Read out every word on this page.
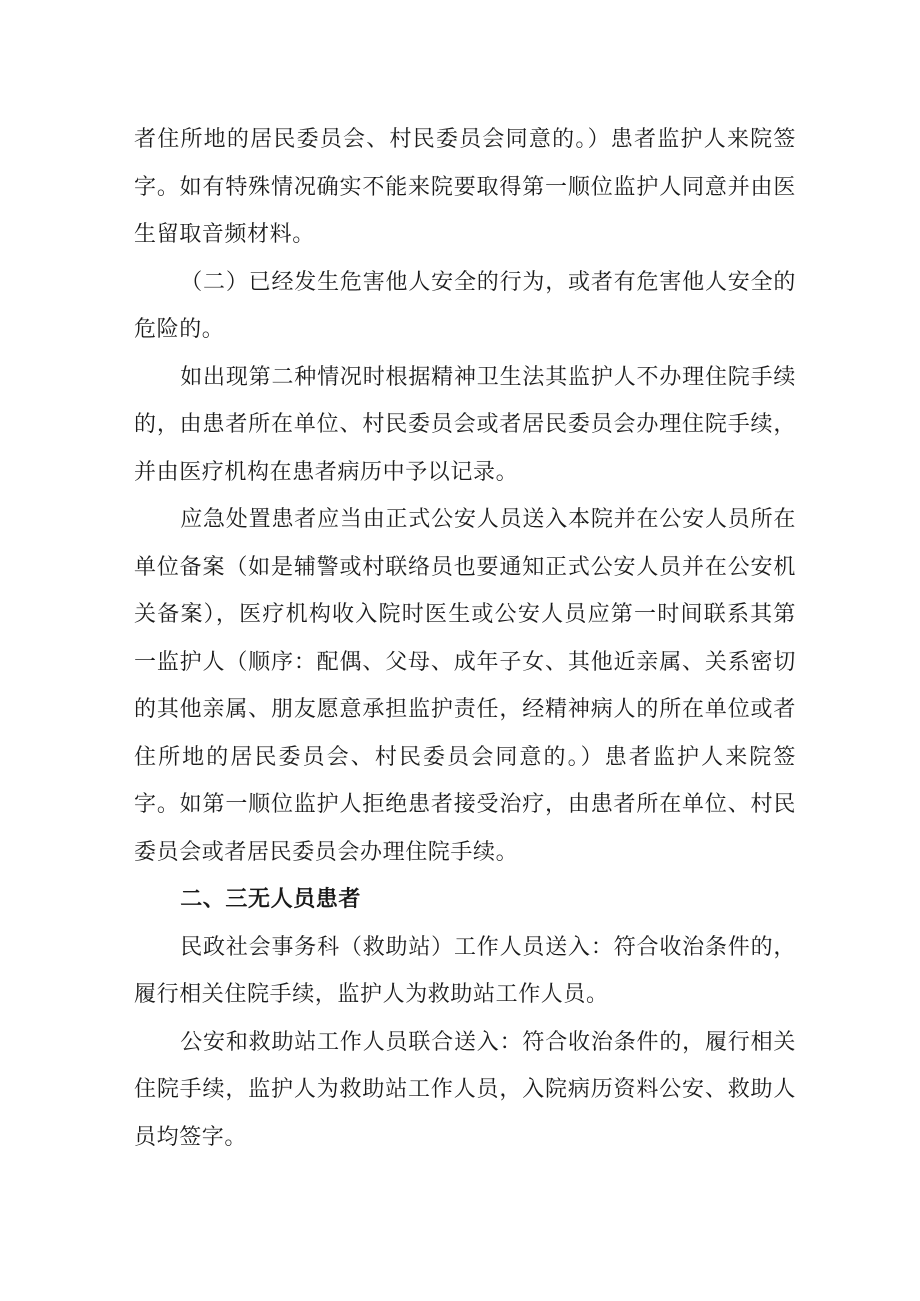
者住所地的居民委员会、村民委员会同意的。）患者监护人来院签字。如有特殊情况确实不能来院要取得第一顺位监护人同意并由医生留取音频材料。

（二）已经发生危害他人安全的行为，或者有危害他人安全的危险的。

如出现第二种情况时根据精神卫生法其监护人不办理住院手续的，由患者所在单位、村民委员会或者居民委员会办理住院手续，并由医疗机构在患者病历中予以记录。

应急处置患者应当由正式公安人员送入本院并在公安人员所在单位备案（如是辅警或村联络员也要通知正式公安人员并在公安机关备案），医疗机构收入院时医生或公安人员应第一时间联系其第一监护人（顺序：配偶、父母、成年子女、其他近亲属、关系密切的其他亲属、朋友愿意承担监护责任，经精神病人的所在单位或者住所地的居民委员会、村民委员会同意的。）患者监护人来院签字。如第一顺位监护人拒绝患者接受治疗，由患者所在单位、村民委员会或者居民委员会办理住院手续。

二、三无人员患者

民政社会事务科（救助站）工作人员送入：符合收治条件的，履行相关住院手续，监护人为救助站工作人员。

公安和救助站工作人员联合送入：符合收治条件的，履行相关住院手续，监护人为救助站工作人员，入院病历资料公安、救助人员均签字。
